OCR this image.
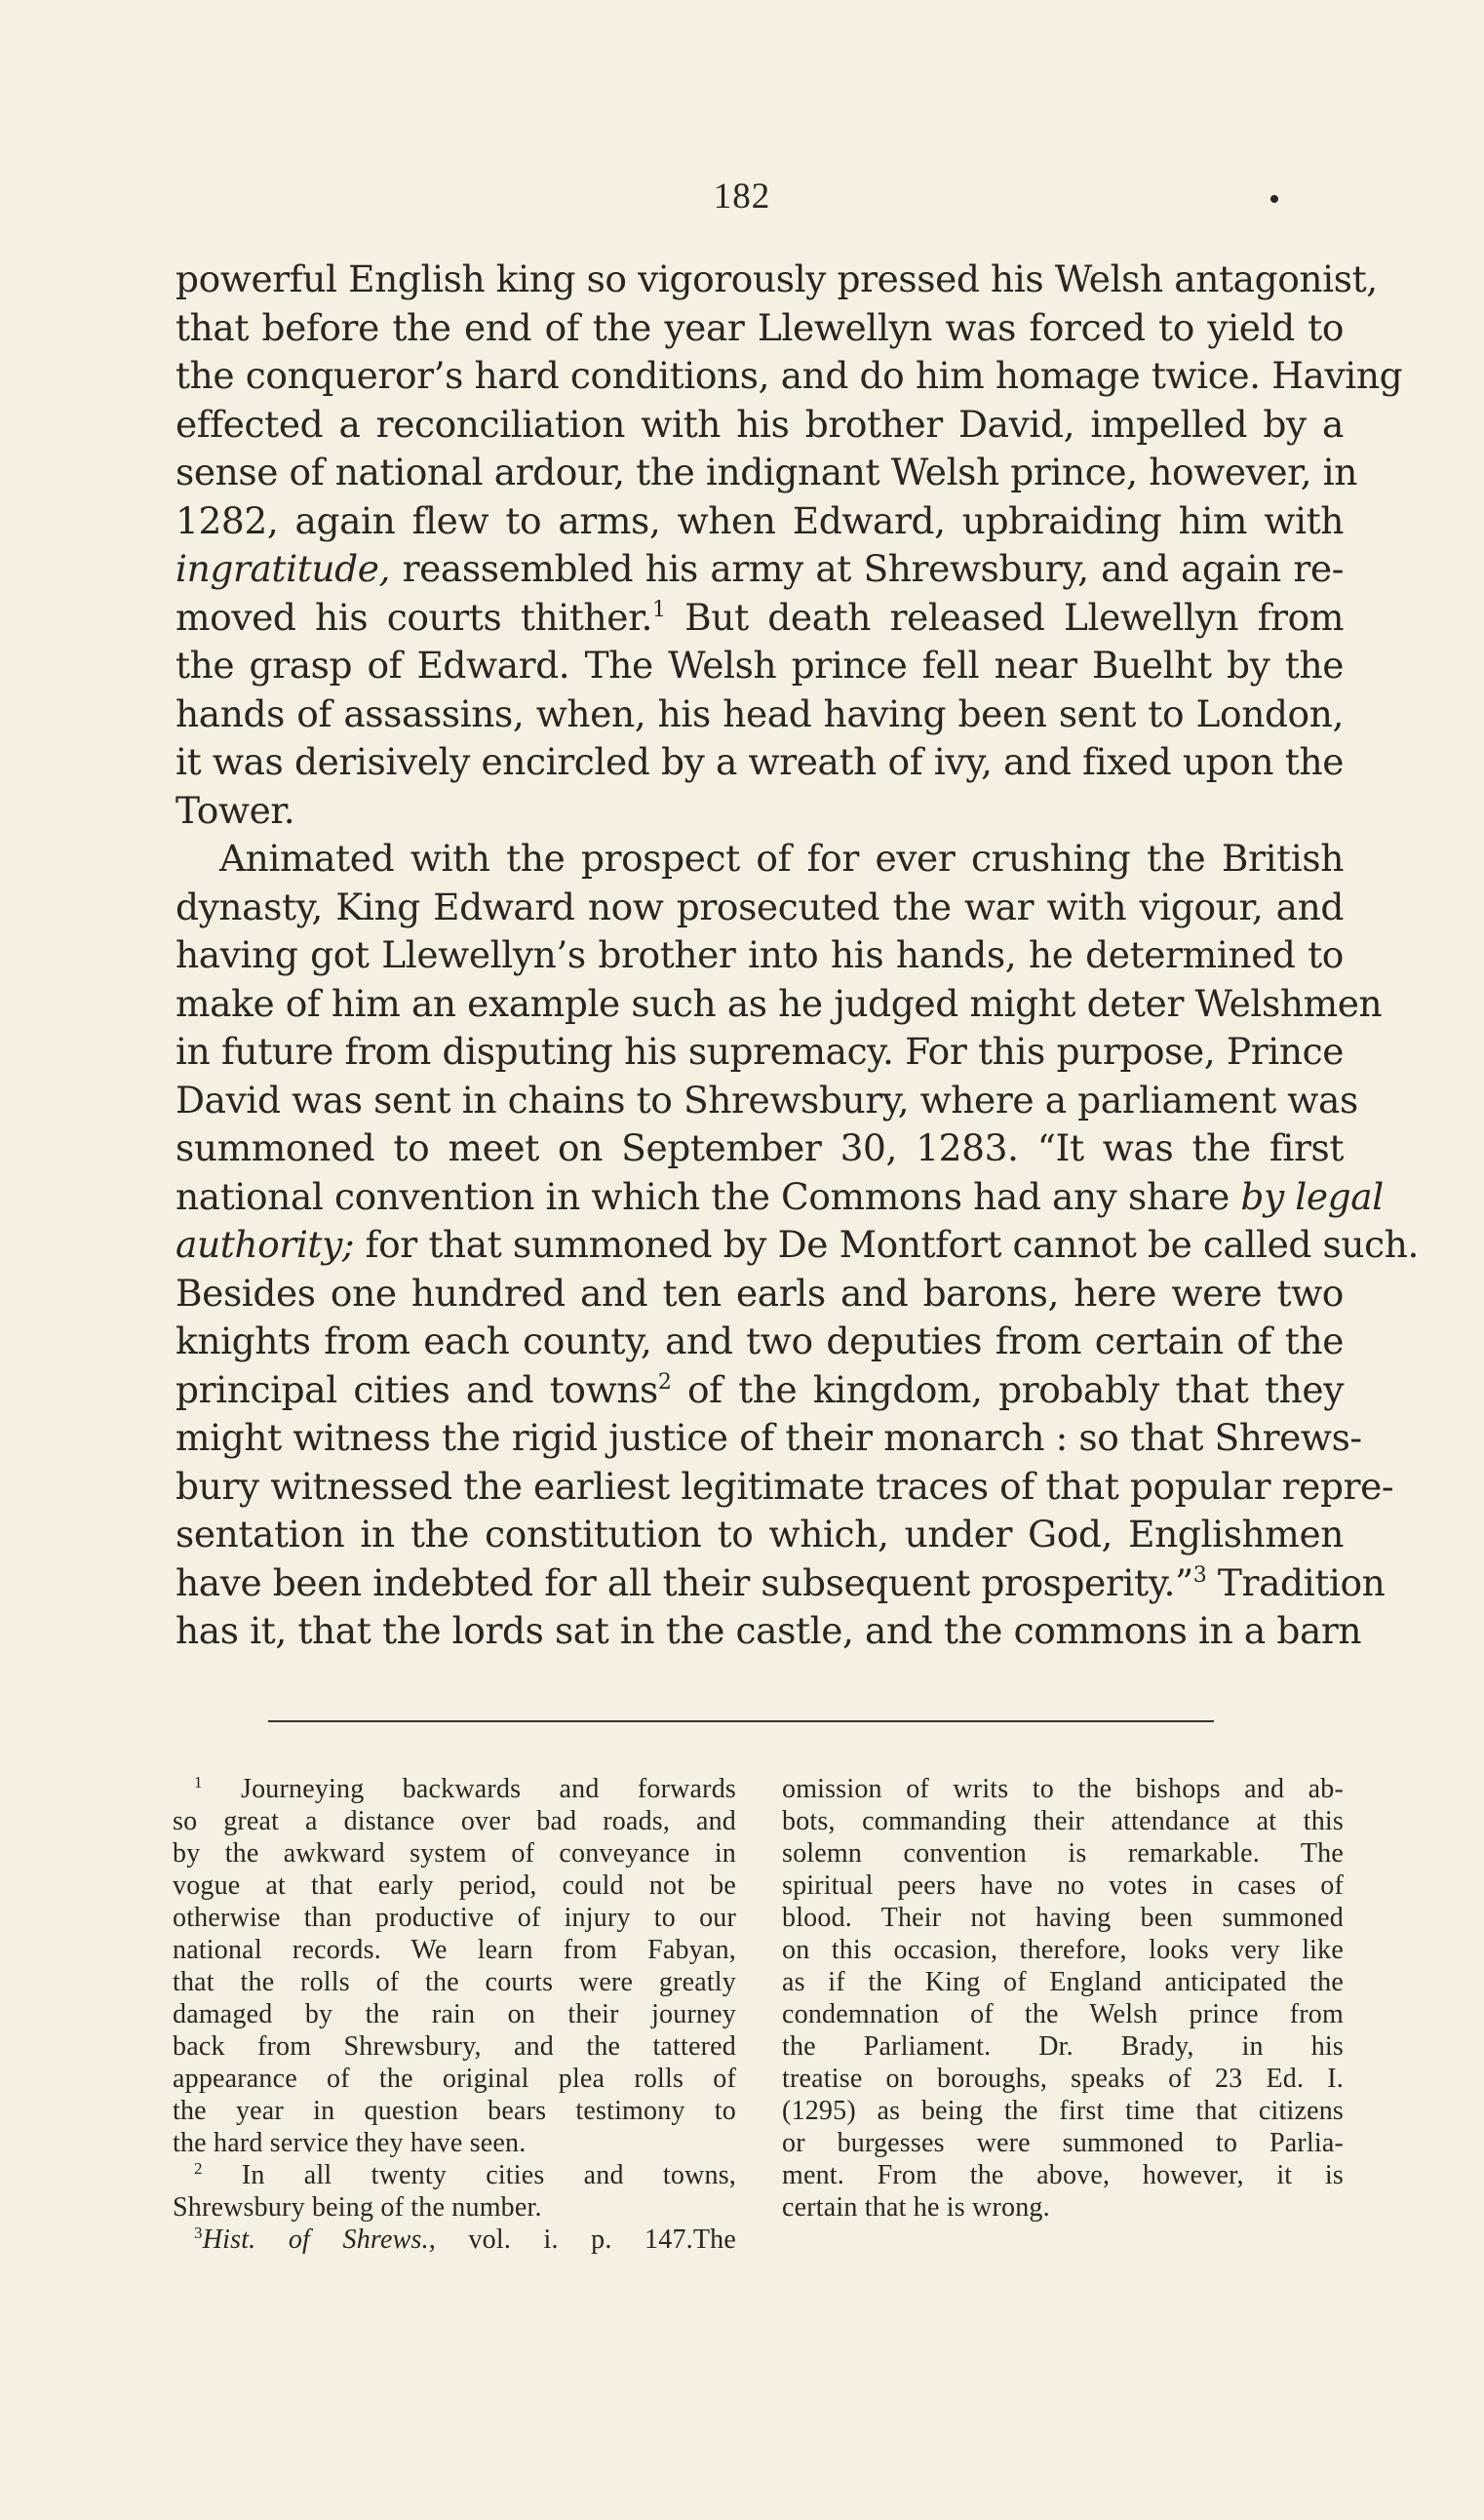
182
powerful English king so vigorously pressed his Welsh antagonist,
that before the end of the year Llewellyn was forced to yield to
the conqueror’s hard conditions, and do him homage twice. Having
effected a reconciliation with his brother David, impelled by a
sense of national ardour, the indignant Welsh prince, however, in
1282, again flew to arms, when Edward, upbraiding him with
ingratitude, reassembled his army at Shrewsbury, and again re-
moved his courts thither.$^1$ But death released Llewellyn from
the grasp of Edward. The Welsh prince fell near Buelht by the
hands of assassins, when, his head having been sent to London,
it was derisively encircled by a wreath of ivy, and fixed upon the
Tower.
Animated with the prospect of for ever crushing the British
dynasty, King Edward now prosecuted the war with vigour, and
having got Llewellyn’s brother into his hands, he determined to
make of him an example such as he judged might deter Welshmen
in future from disputing his supremacy. For this purpose, Prince
David was sent in chains to Shrewsbury, where a parliament was
summoned to meet on September 30, 1283. “It was the first
national convention in which the Commons had any share by legal
authority; for that summoned by De Montfort cannot be called such.
Besides one hundred and ten earls and barons, here were two
knights from each county, and two deputies from certain of the
principal cities and towns$^2$ of the kingdom, probably that they
might witness the rigid justice of their monarch : so that Shrews-
bury witnessed the earliest legitimate traces of that popular repre-
sentation in the constitution to which, under God, Englishmen
have been indebted for all their subsequent prosperity.”$^3$ Tradition
has it, that the lords sat in the castle, and the commons in a barn
$^1$ Journeying backwards and forwards
so great a distance over bad roads, and
by the awkward system of conveyance in
vogue at that early period, could not be
otherwise than productive of injury to our
national records. We learn from Fabyan,
that the rolls of the courts were greatly
damaged by the rain on their journey
back from Shrewsbury, and the tattered
appearance of the original plea rolls of
the year in question bears testimony to
the hard service they have seen.
$^2$ In all twenty cities and towns,
Shrewsbury being of the number.
$^3$Hist. of Shrews., vol. i. p. 147.The
omission of writs to the bishops and ab-
bots, commanding their attendance at this
solemn convention is remarkable. The
spiritual peers have no votes in cases of
blood. Their not having been summoned
on this occasion, therefore, looks very like
as if the King of England anticipated the
condemnation of the Welsh prince from
the Parliament. Dr. Brady, in his
treatise on boroughs, speaks of 23 Ed. I.
(1295) as being the first time that citizens
or burgesses were summoned to Parlia-
ment. From the above, however, it is
certain that he is wrong.
